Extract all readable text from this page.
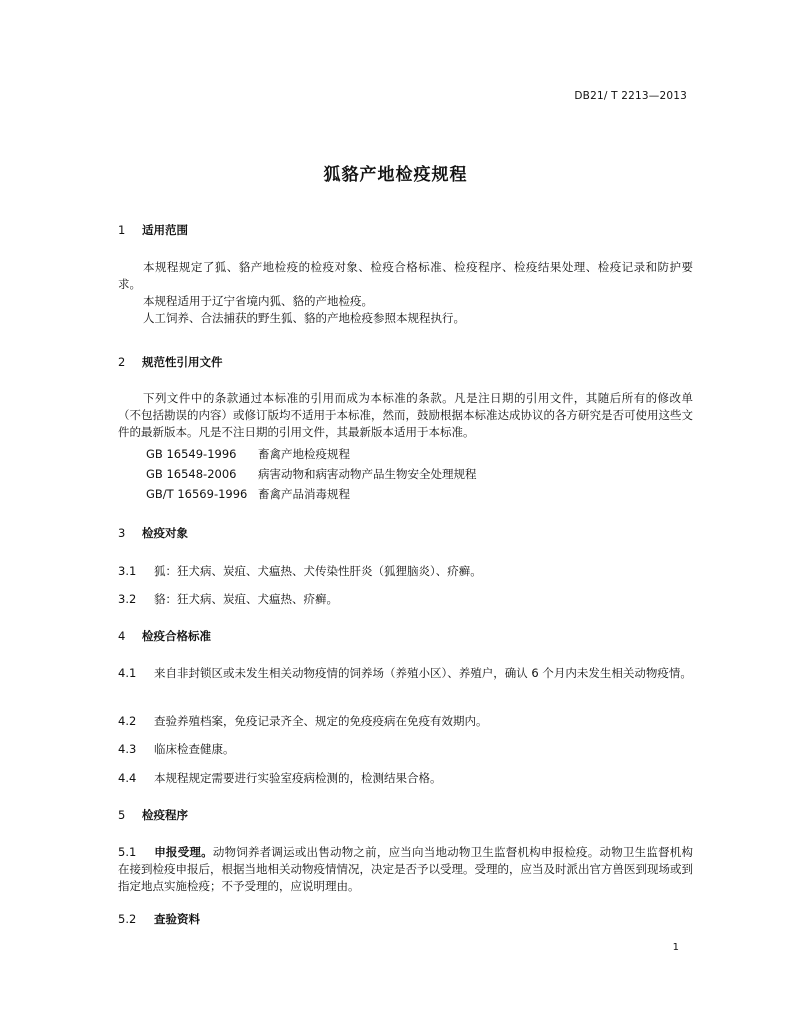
DB21/ T 2213—2013
狐貉产地检疫规程
1 适用范围

本规程规定了狐、貉产地检疫的检疫对象、检疫合格标准、检疫程序、检疫结果处理、检疫记录和防护要求。

本规程适用于辽宁省境内狐、貉的产地检疫。

人工饲养、合法捕获的野生狐、貉的产地检疫参照本规程执行。

2 规范性引用文件

下列文件中的条款通过本标准的引用而成为本标准的条款。凡是注日期的引用文件，其随后所有的修改单（不包括勘误的内容）或修订版均不适用于本标准，然而，鼓励根据本标准达成协议的各方研究是否可使用这些文件的最新版本。凡是不注日期的引用文件，其最新版本适用于本标准。

GB 16549-1996 畜禽产地检疫规程
GB 16548-2006 病害动物和病害动物产品生物安全处理规程
GB/T 16569-1996 畜禽产品消毒规程
3 检疫对象

3.1 狐：狂犬病、炭疽、犬瘟热、犬传染性肝炎（狐狸脑炎）、疥癣。

3.2 貉：狂犬病、炭疽、犬瘟热、疥癣。

4 检疫合格标准

4.1 来自非封锁区或未发生相关动物疫情的饲养场（养殖小区）、养殖户，确认 6 个月内未发生相关动物疫情。

4.2 查验养殖档案，免疫记录齐全、规定的免疫疫病在免疫有效期内。

4.3 临床检查健康。

4.4 本规程规定需要进行实验室疫病检测的，检测结果合格。

5 检疫程序

5.1 申报受理。动物饲养者调运或出售动物之前，应当向当地动物卫生监督机构申报检疫。动物卫生监督机构在接到检疫申报后，根据当地相关动物疫情情况，决定是否予以受理。受理的，应当及时派出官方兽医到现场或到指定地点实施检疫；不予受理的，应说明理由。

5.2 查验资料

1
